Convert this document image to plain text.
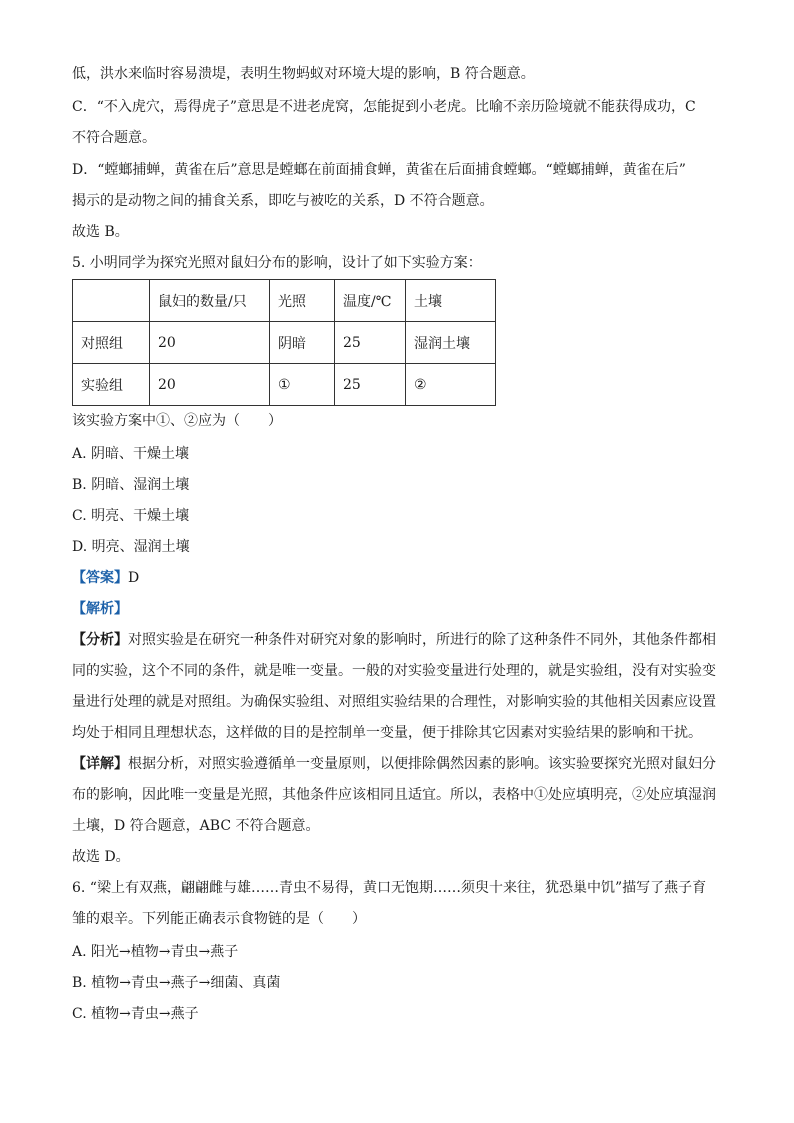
低，洪水来临时容易溃堤，表明生物蚂蚁对环境大堤的影响，B 符合题意。
C．“不入虎穴，焉得虎子”意思是不进老虎窝，怎能捉到小老虎。比喻不亲历险境就不能获得成功，C
不符合题意。
D．“螳螂捕蝉，黄雀在后”意思是螳螂在前面捕食蝉，黄雀在后面捕食螳螂。“螳螂捕蝉，黄雀在后”
揭示的是动物之间的捕食关系，即吃与被吃的关系，D 不符合题意。
故选 B。
5. 小明同学为探究光照对鼠妇分布的影响，设计了如下实验方案：
	鼠妇的数量/只	光照	温度/℃	土壤
对照组	20	阴暗	25	湿润土壤
实验组	20	①	25	②
该实验方案中①、②应为（　　）
A. 阴暗、干燥土壤
B. 阴暗、湿润土壤
C. 明亮、干燥土壤
D. 明亮、湿润土壤
【答案】D
【解析】
【分析】对照实验是在研究一种条件对研究对象的影响时，所进行的除了这种条件不同外，其他条件都相
同的实验，这个不同的条件，就是唯一变量。一般的对实验变量进行处理的，就是实验组，没有对实验变
量进行处理的就是对照组。为确保实验组、对照组实验结果的合理性，对影响实验的其他相关因素应设置
均处于相同且理想状态，这样做的目的是控制单一变量，便于排除其它因素对实验结果的影响和干扰。
【详解】根据分析，对照实验遵循单一变量原则，以便排除偶然因素的影响。该实验要探究光照对鼠妇分
布的影响，因此唯一变量是光照，其他条件应该相同且适宜。所以，表格中①处应填明亮，②处应填湿润
土壤，D 符合题意，ABC 不符合题意。
故选 D。
6. “梁上有双燕，翩翩雌与雄……青虫不易得，黄口无饱期……须臾十来往，犹恐巢中饥”描写了燕子育
雏的艰辛。下列能正确表示食物链的是（　　）
A. 阳光→植物→青虫→燕子
B. 植物→青虫→燕子→细菌、真菌
C. 植物→青虫→燕子
